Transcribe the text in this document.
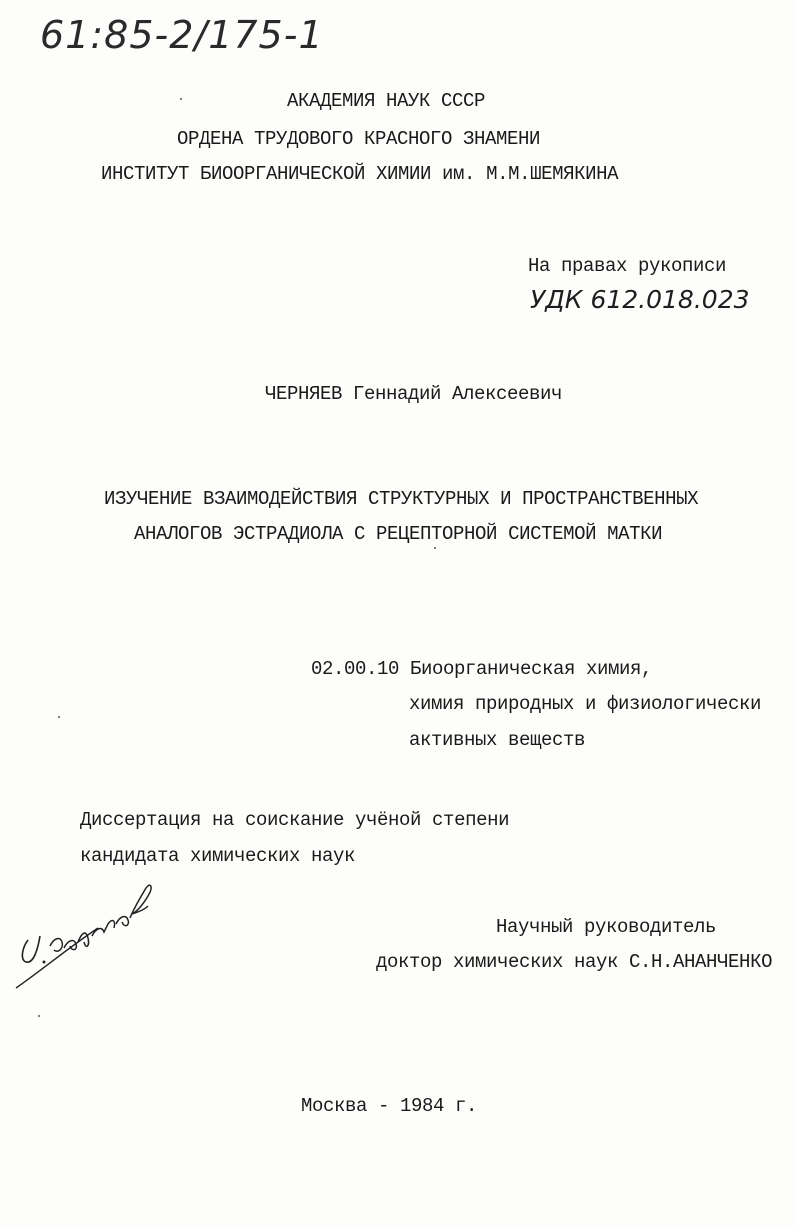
61:85-2/175-1
АКАДЕМИЯ НАУК СССР
ОРДЕНА ТРУДОВОГО КРАСНОГО ЗНАМЕНИ
ИНСТИТУТ БИООРГАНИЧЕСКОЙ ХИМИИ им. М.М.ШЕМЯКИНА
На правах рукописи
УДК 612.018.023
ЧЕРНЯЕВ Геннадий Алексеевич
ИЗУЧЕНИЕ ВЗАИМОДЕЙСТВИЯ СТРУКТУРНЫХ И ПРОСТРАНСТВЕННЫХ
АНАЛОГОВ ЭСТРАДИОЛА С РЕЦЕПТОРНОЙ СИСТЕМОЙ МАТКИ
02.00.10 Биоорганическая химия,
химия природных и физиологически
активных веществ
Диссертация на соискание учёной степени
кандидата химических наук
Научный руководитель
доктор химических наук С.Н.АНАНЧЕНКО
Москва - 1984 г.
